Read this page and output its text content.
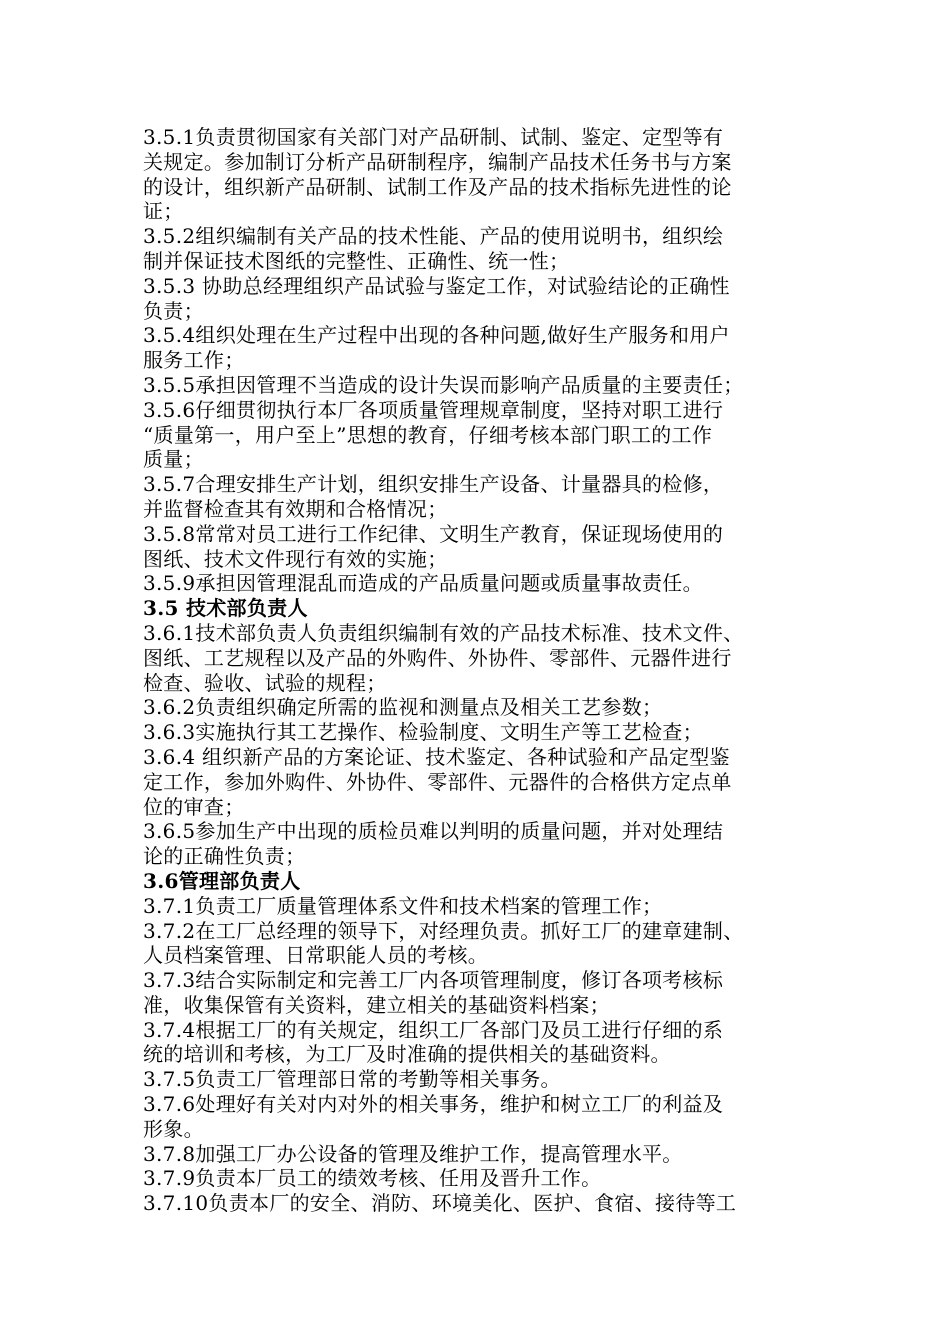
3.5.1负责贯彻国家有关部门对产品研制、试制、鉴定、定型等有
关规定。参加制订分析产品研制程序，编制产品技术任务书与方案
的设计，组织新产品研制、试制工作及产品的技术指标先进性的论
证；
3.5.2组织编制有关产品的技术性能、产品的使用说明书，组织绘
制并保证技术图纸的完整性、正确性、统一性；
3.5.3 协助总经理组织产品试验与鉴定工作，对试验结论的正确性
负责；
3.5.4组织处理在生产过程中出现的各种问题,做好生产服务和用户
服务工作；
3.5.5承担因管理不当造成的设计失误而影响产品质量的主要责任；
3.5.6仔细贯彻执行本厂各项质量管理规章制度，坚持对职工进行
“质量第一，用户至上”思想的教育，仔细考核本部门职工的工作
质量；
3.5.7合理安排生产计划，组织安排生产设备、计量器具的检修，
并监督检查其有效期和合格情况；
3.5.8常常对员工进行工作纪律、文明生产教育，保证现场使用的
图纸、技术文件现行有效的实施；
3.5.9承担因管理混乱而造成的产品质量问题或质量事故责任。
3.5 技术部负责人
3.6.1技术部负责人负责组织编制有效的产品技术标准、技术文件、
图纸、工艺规程以及产品的外购件、外协件、零部件、元器件进行
检查、验收、试验的规程；
3.6.2负责组织确定所需的监视和测量点及相关工艺参数；
3.6.3实施执行其工艺操作、检验制度、文明生产等工艺检查；
3.6.4 组织新产品的方案论证、技术鉴定、各种试验和产品定型鉴
定工作，参加外购件、外协件、零部件、元器件的合格供方定点单
位的审查；
3.6.5参加生产中出现的质检员难以判明的质量问题，并对处理结
论的正确性负责；
3.6管理部负责人
3.7.1负责工厂质量管理体系文件和技术档案的管理工作；
3.7.2在工厂总经理的领导下，对经理负责。抓好工厂的建章建制、
人员档案管理、日常职能人员的考核。
3.7.3结合实际制定和完善工厂内各项管理制度，修订各项考核标
准，收集保管有关资料，建立相关的基础资料档案；
3.7.4根据工厂的有关规定，组织工厂各部门及员工进行仔细的系
统的培训和考核，为工厂及时准确的提供相关的基础资料。
3.7.5负责工厂管理部日常的考勤等相关事务。
3.7.6处理好有关对内对外的相关事务，维护和树立工厂的利益及
形象。
3.7.8加强工厂办公设备的管理及维护工作，提高管理水平。
3.7.9负责本厂员工的绩效考核、任用及晋升工作。
3.7.10负责本厂的安全、消防、环境美化、医护、食宿、接待等工
